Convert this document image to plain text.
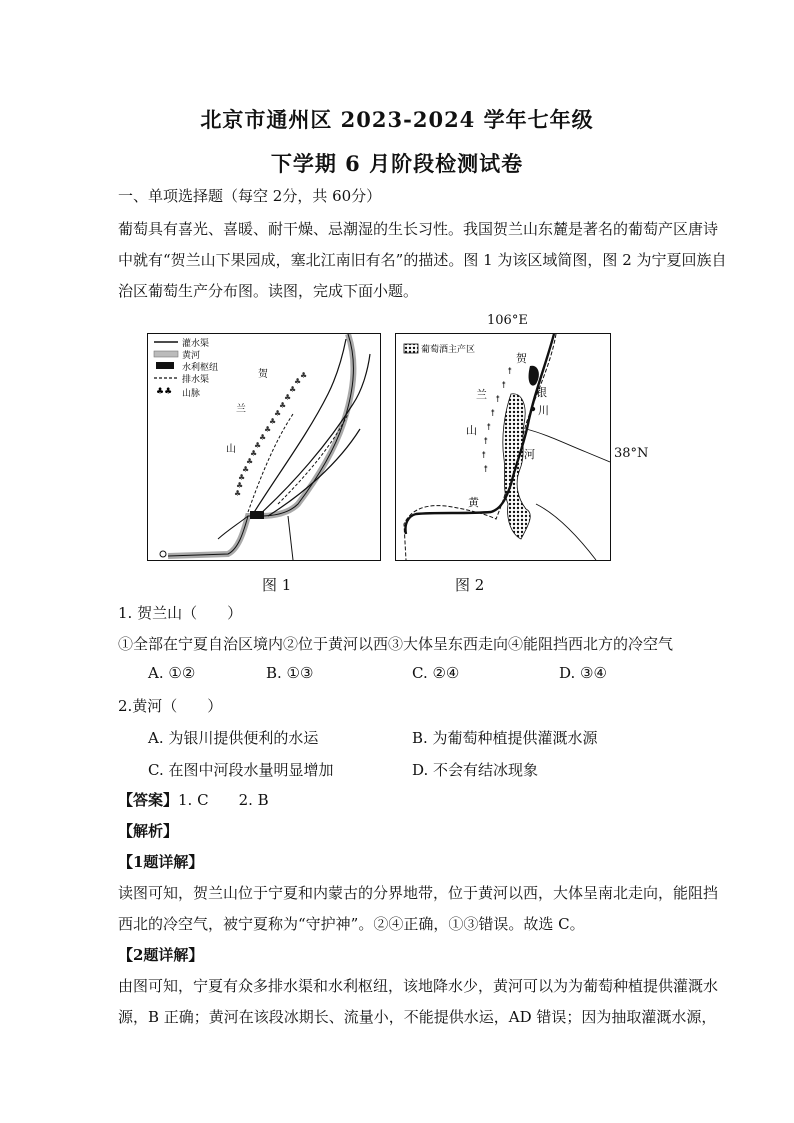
北京市通州区 2023-2024 学年七年级
下学期 6 月阶段检测试卷
一、单项选择题（每空 2分，共 60分）
葡萄具有喜光、喜暖、耐干燥、忌潮湿的生长习性。我国贺兰山东麓是著名的葡萄产区唐诗
中就有“贺兰山下果园成，塞北江南旧有名”的描述。图 1 为该区域简图，图 2 为宁夏回族自
治区葡萄生产分布图。读图，完成下面小题。
♣♣
灌水渠
黄河
水利枢纽
排水渠
山脉
♣
♣
♣
♣
♣
♣
♣
♣
♣
♣
♣
♣
♣
♣
♣
♣
贺
兰
山
图 1
葡萄酒主产区
↟
↟
↟
↟
↟
↟
↟
↟
贺
兰
山
银
川
河
黄
106°E
38°N
图 2
1. 贺兰山（　　）
①全部在宁夏自治区境内②位于黄河以西③大体呈东西走向④能阻挡西北方的冷空气
A. ①②	B. ①③	C. ②④	D. ③④
2.黄河（　　）
A. 为银川提供便利的水运	B. 为葡萄种植提供灌溉水源
C. 在图中河段水量明显增加	D. 不会有结冰现象
【答案】1. C　　2. B
【解析】
【1题详解】
读图可知，贺兰山位于宁夏和内蒙古的分界地带，位于黄河以西，大体呈南北走向，能阻挡
西北的冷空气，被宁夏称为“守护神”。②④正确，①③错误。故选 C。
【2题详解】
由图可知，宁夏有众多排水渠和水利枢纽，该地降水少，黄河可以为为葡萄种植提供灌溉水
源，B 正确；黄河在该段冰期长、流量小，不能提供水运，AD 错误；因为抽取灌溉水源，
